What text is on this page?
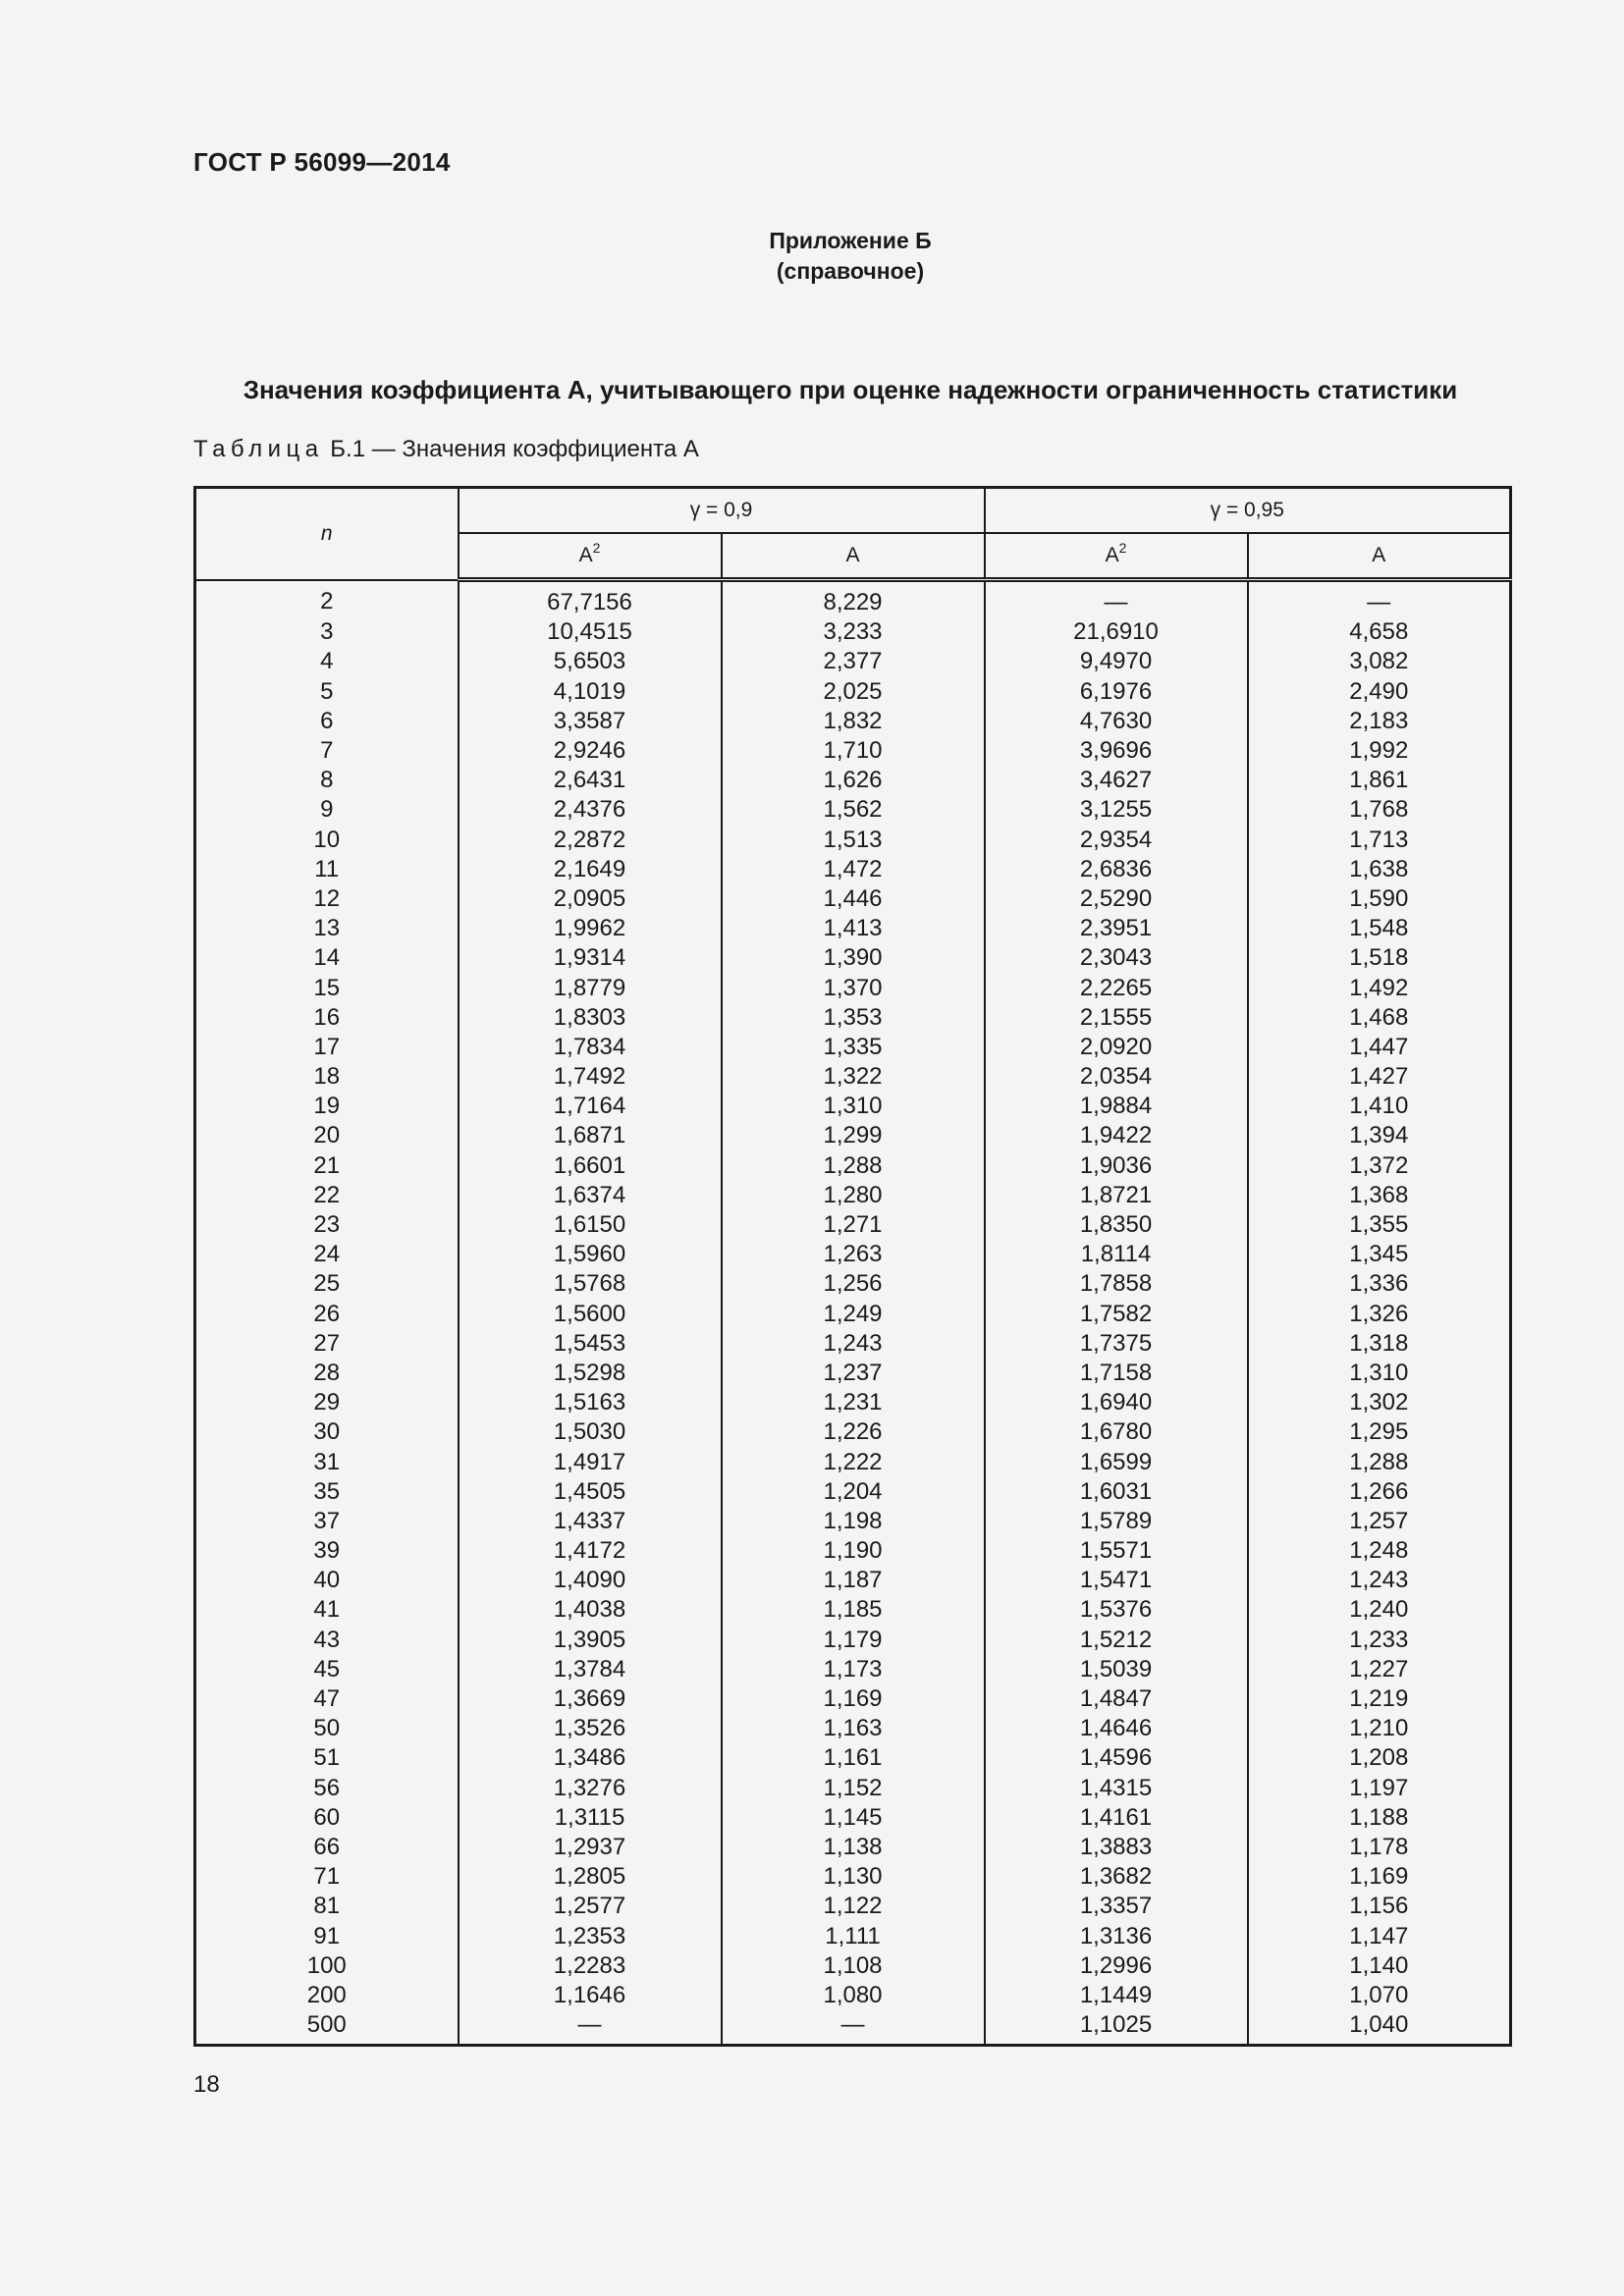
ГОСТ Р 56099—2014
Приложение Б
(справочное)
Значения коэффициента А, учитывающего при оценке надежности ограниченность статистики
Таблица Б.1 — Значения коэффициента А
n	γ = 0,9		γ = 0,95	
	$A^2$	A	$A^2$	A
2	67,7156	8,229	—	—
3	10,4515	3,233	21,6910	4,658
4	5,6503	2,377	9,4970	3,082
5	4,1019	2,025	6,1976	2,490
6	3,3587	1,832	4,7630	2,183
7	2,9246	1,710	3,9696	1,992
8	2,6431	1,626	3,4627	1,861
9	2,4376	1,562	3,1255	1,768
10	2,2872	1,513	2,9354	1,713
11	2,1649	1,472	2,6836	1,638
12	2,0905	1,446	2,5290	1,590
13	1,9962	1,413	2,3951	1,548
14	1,9314	1,390	2,3043	1,518
15	1,8779	1,370	2,2265	1,492
16	1,8303	1,353	2,1555	1,468
17	1,7834	1,335	2,0920	1,447
18	1,7492	1,322	2,0354	1,427
19	1,7164	1,310	1,9884	1,410
20	1,6871	1,299	1,9422	1,394
21	1,6601	1,288	1,9036	1,372
22	1,6374	1,280	1,8721	1,368
23	1,6150	1,271	1,8350	1,355
24	1,5960	1,263	1,8114	1,345
25	1,5768	1,256	1,7858	1,336
26	1,5600	1,249	1,7582	1,326
27	1,5453	1,243	1,7375	1,318
28	1,5298	1,237	1,7158	1,310
29	1,5163	1,231	1,6940	1,302
30	1,5030	1,226	1,6780	1,295
31	1,4917	1,222	1,6599	1,288
35	1,4505	1,204	1,6031	1,266
37	1,4337	1,198	1,5789	1,257
39	1,4172	1,190	1,5571	1,248
40	1,4090	1,187	1,5471	1,243
41	1,4038	1,185	1,5376	1,240
43	1,3905	1,179	1,5212	1,233
45	1,3784	1,173	1,5039	1,227
47	1,3669	1,169	1,4847	1,219
50	1,3526	1,163	1,4646	1,210
51	1,3486	1,161	1,4596	1,208
56	1,3276	1,152	1,4315	1,197
60	1,3115	1,145	1,4161	1,188
66	1,2937	1,138	1,3883	1,178
71	1,2805	1,130	1,3682	1,169
81	1,2577	1,122	1,3357	1,156
91	1,2353	1,111	1,3136	1,147
100	1,2283	1,108	1,2996	1,140
200	1,1646	1,080	1,1449	1,070
500	—	—	1,1025	1,040
18
